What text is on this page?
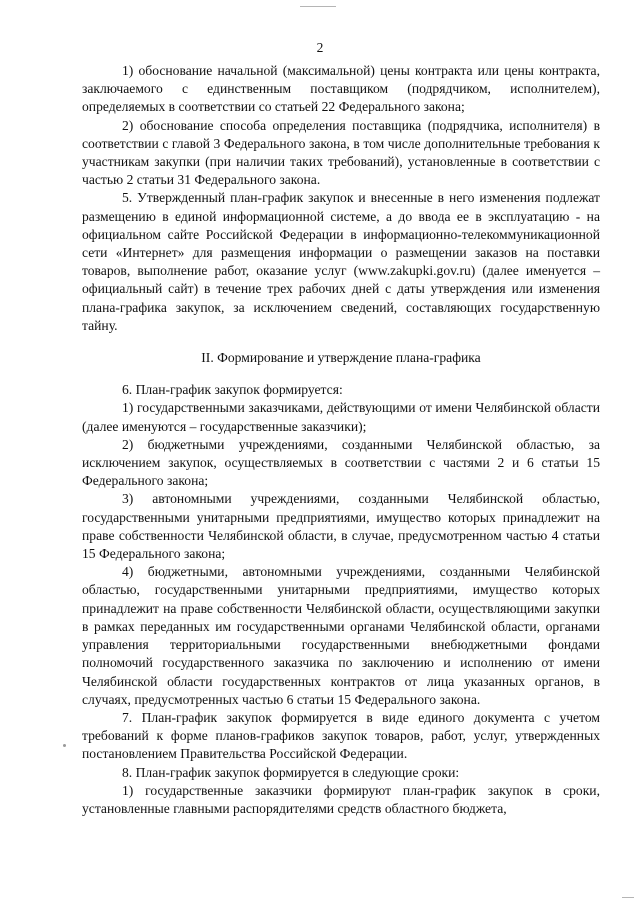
2

1) обоснование начальной (максимальной) цены контракта или цены контракта, заключаемого с единственным поставщиком (подрядчиком, исполнителем), определяемых в соответствии со статьей 22 Федерального закона;

2) обоснование способа определения поставщика (подрядчика, исполнителя) в соответствии с главой 3 Федерального закона, в том числе дополнительные требования к участникам закупки (при наличии таких требований), установленные в соответствии с частью 2 статьи 31 Федерального закона.

5. Утвержденный план-график закупок и внесенные в него изменения подлежат размещению в единой информационной системе, а до ввода ее в эксплуатацию - на официальном сайте Российской Федерации в информационно-телекоммуникационной сети «Интернет» для размещения информации о размещении заказов на поставки товаров, выполнение работ, оказание услуг (www.zakupki.gov.ru) (далее именуется – официальный сайт) в течение трех рабочих дней с даты утверждения или изменения плана-графика закупок, за исключением сведений, составляющих государственную тайну.

II. Формирование и утверждение плана-графика

6. План-график закупок формируется:

1) государственными заказчиками, действующими от имени Челябинской области (далее именуются – государственные заказчики);

2) бюджетными учреждениями, созданными Челябинской областью, за исключением закупок, осуществляемых в соответствии с частями 2 и 6 статьи 15 Федерального закона;

3) автономными учреждениями, созданными Челябинской областью, государственными унитарными предприятиями, имущество которых принадлежит на праве собственности Челябинской области, в случае, предусмотренном частью 4 статьи 15 Федерального закона;

4) бюджетными, автономными учреждениями, созданными Челябинской областью, государственными унитарными предприятиями, имущество которых принадлежит на праве собственности Челябинской области, осуществляющими закупки в рамках переданных им государственными органами Челябинской области, органами управления территориальными государственными внебюджетными фондами полномочий государственного заказчика по заключению и исполнению от имени Челябинской области государственных контрактов от лица указанных органов, в случаях, предусмотренных частью 6 статьи 15 Федерального закона.

7. План-график закупок формируется в виде единого документа с учетом требований к форме планов-графиков закупок товаров, работ, услуг, утвержденных постановлением Правительства Российской Федерации.

8. План-график закупок формируется в следующие сроки:

1) государственные заказчики формируют план-график закупок в сроки, установленные главными распорядителями средств областного бюджета,
